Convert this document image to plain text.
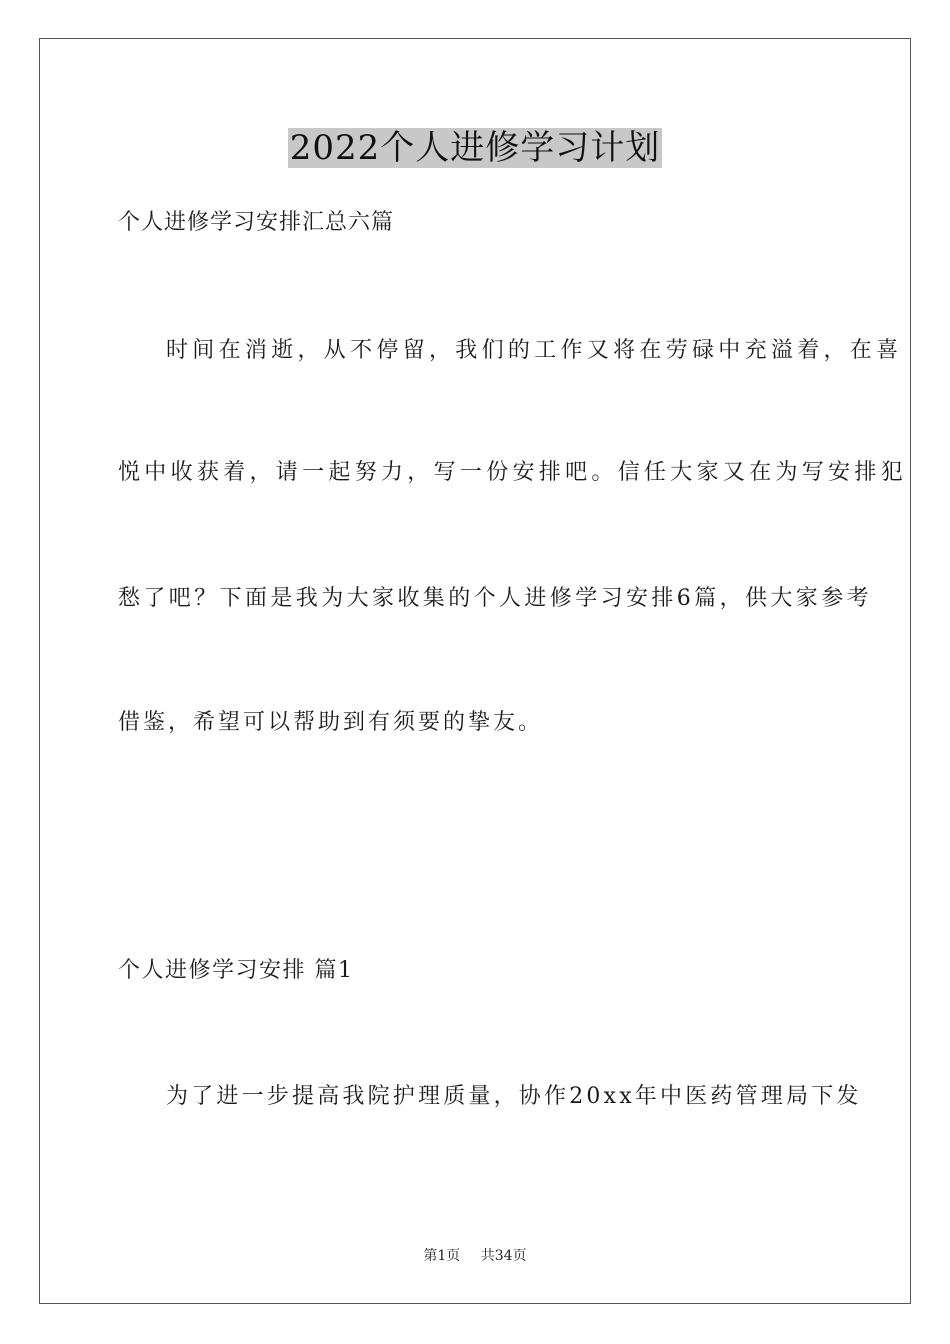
2022个人进修学习计划
个人进修学习安排汇总六篇
时间在消逝，从不停留，我们的工作又将在劳碌中充溢着，在喜
悦中收获着，请一起努力，写一份安排吧。信任大家又在为写安排犯
愁了吧？下面是我为大家收集的个人进修学习安排6篇，供大家参考
借鉴，希望可以帮助到有须要的挚友。
个人进修学习安排 篇1
为了进一步提高我院护理质量，协作20xx年中医药管理局下发
第1页 共34页
